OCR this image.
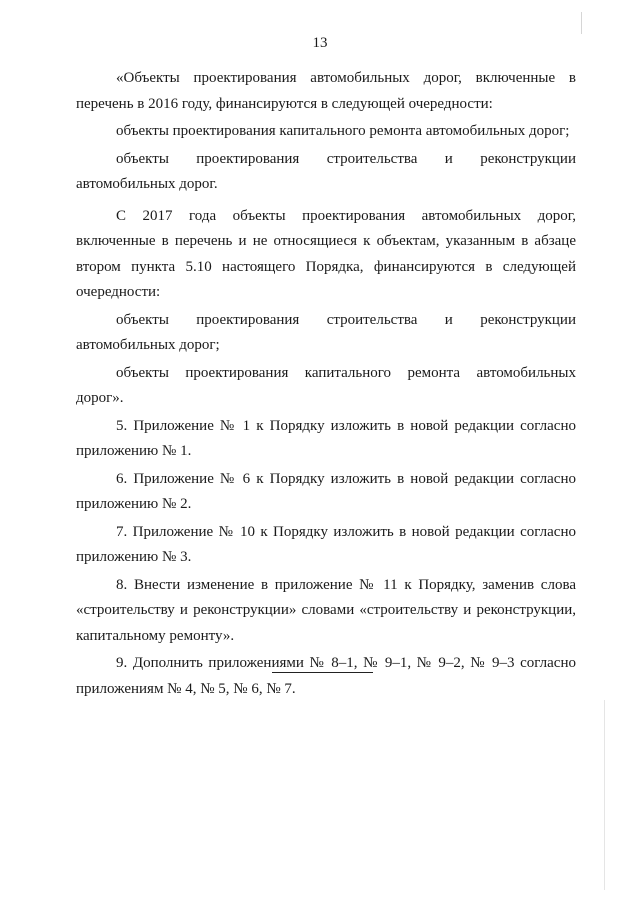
13

«Объекты проектирования автомобильных дорог, включенные в перечень в 2016 году, финансируются в следующей очередности:

объекты проектирования капитального ремонта автомобильных дорог;

объекты проектирования строительства и реконструкции автомобильных дорог.

С 2017 года объекты проектирования автомобильных дорог, включенные в перечень и не относящиеся к объектам, указанным в абзаце втором пункта 5.10 настоящего Порядка, финансируются в следующей очередности:

объекты проектирования строительства и реконструкции автомобильных дорог;

объекты проектирования капитального ремонта автомобильных дорог».

5. Приложение № 1 к Порядку изложить в новой редакции согласно приложению № 1.

6. Приложение № 6 к Порядку изложить в новой редакции согласно приложению № 2.

7. Приложение № 10 к Порядку изложить в новой редакции согласно приложению № 3.

8. Внести изменение в приложение № 11 к Порядку, заменив слова «строительству и реконструкции» словами «строительству и реконструкции, капитальному ремонту».

9. Дополнить приложениями № 8–1, № 9–1, № 9–2, № 9–3 согласно приложениям № 4, № 5, № 6, № 7.
